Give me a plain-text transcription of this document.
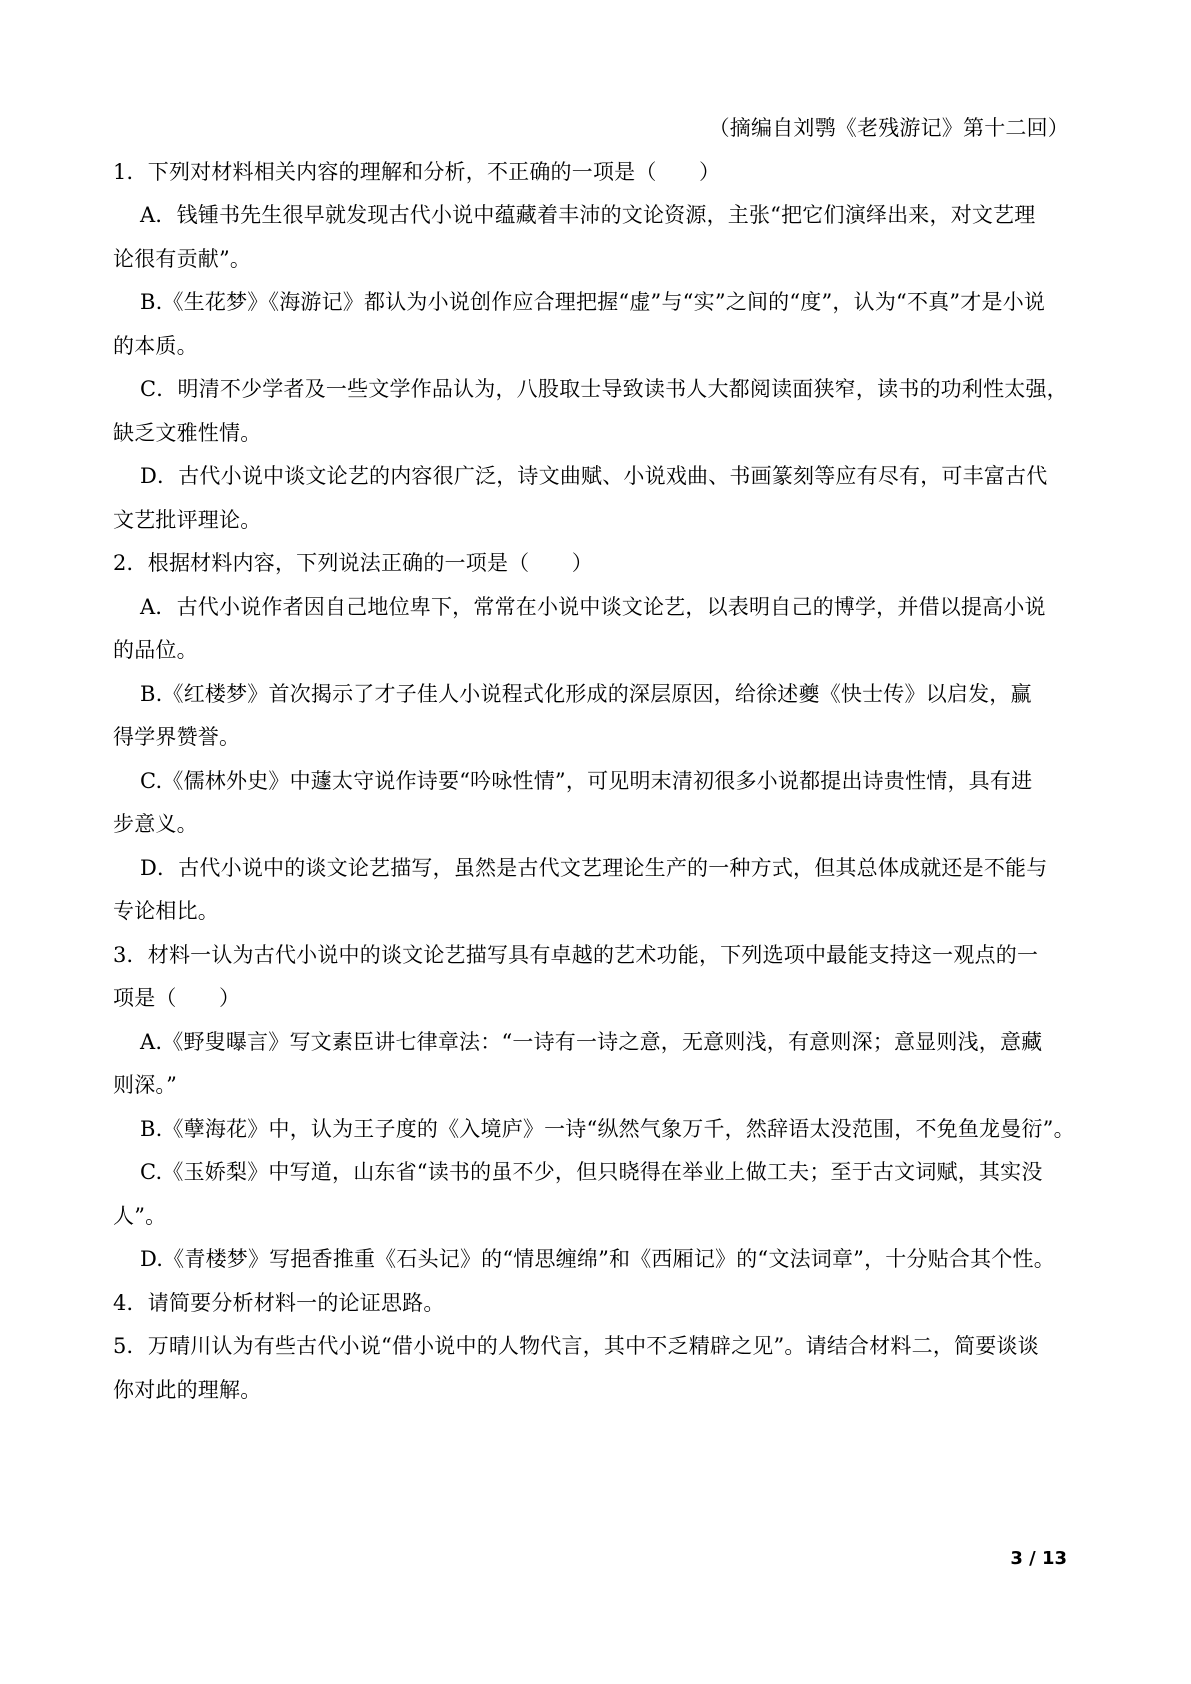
（摘编自刘鹗《老残游记》第十二回）
1．下列对材料相关内容的理解和分析，不正确的一项是（　　）
A．钱锺书先生很早就发现古代小说中蕴藏着丰沛的文论资源，主张“把它们演绎出来，对文艺理
论很有贡献”。
B.《生花梦》《海游记》都认为小说创作应合理把握“虚”与“实”之间的“度”，认为“不真”才是小说
的本质。
C．明清不少学者及一些文学作品认为，八股取士导致读书人大都阅读面狭窄，读书的功利性太强，
缺乏文雅性情。
D．古代小说中谈文论艺的内容很广泛，诗文曲赋、小说戏曲、书画篆刻等应有尽有，可丰富古代
文艺批评理论。
2．根据材料内容，下列说法正确的一项是（　　）
A．古代小说作者因自己地位卑下，常常在小说中谈文论艺，以表明自己的博学，并借以提高小说
的品位。
B.《红楼梦》首次揭示了才子佳人小说程式化形成的深层原因，给徐述夔《快士传》以启发，赢
得学界赞誉。
C.《儒林外史》中蘧太守说作诗要“吟咏性情”，可见明末清初很多小说都提出诗贵性情，具有进
步意义。
D．古代小说中的谈文论艺描写，虽然是古代文艺理论生产的一种方式，但其总体成就还是不能与
专论相比。
3．材料一认为古代小说中的谈文论艺描写具有卓越的艺术功能，下列选项中最能支持这一观点的一
项是（　　）
A.《野叟曝言》写文素臣讲七律章法：“一诗有一诗之意，无意则浅，有意则深；意显则浅，意藏
则深。”
B.《孽海花》中，认为王子度的《入境庐》一诗“纵然气象万千，然辞语太没范围，不免鱼龙曼衍”。
C.《玉娇梨》中写道，山东省“读书的虽不少，但只晓得在举业上做工夫；至于古文词赋，其实没
人”。
D.《青楼梦》写挹香推重《石头记》的“情思缠绵”和《西厢记》的“文法词章”，十分贴合其个性。
4．请简要分析材料一的论证思路。
5．万晴川认为有些古代小说“借小说中的人物代言，其中不乏精辟之见”。请结合材料二，简要谈谈
你对此的理解。
3 / 13
